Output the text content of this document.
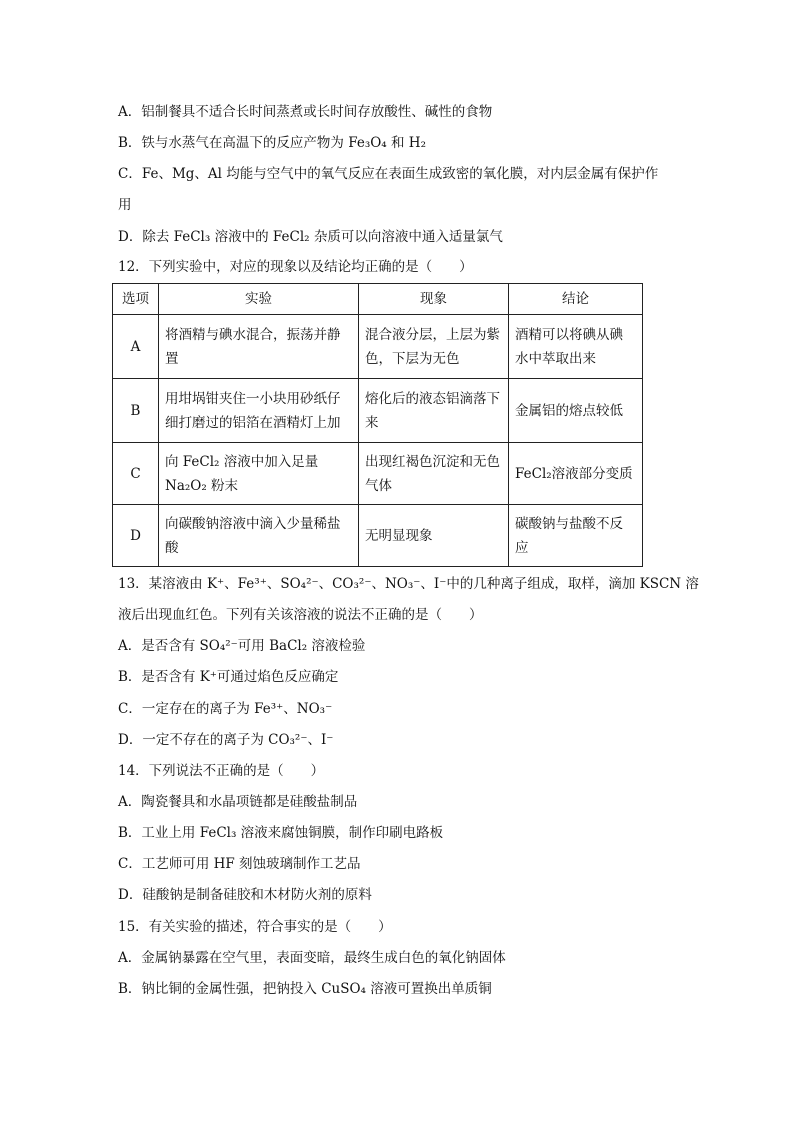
A．铝制餐具不适合长时间蒸煮或长时间存放酸性、碱性的食物
B．铁与水蒸气在高温下的反应产物为 Fe₃O₄ 和 H₂
C．Fe、Mg、Al 均能与空气中的氧气反应在表面生成致密的氧化膜，对内层金属有保护作
用
D．除去 FeCl₃ 溶液中的 FeCl₂ 杂质可以向溶液中通入适量氯气
12．下列实验中，对应的现象以及结论均正确的是（　　）
选项	实验	现象	结论
A	将酒精与碘水混合，振荡并静置	混合液分层，上层为紫色，下层为无色	酒精可以将碘从碘水中萃取出来
B	用坩埚钳夹住一小块用砂纸仔细打磨过的铝箔在酒精灯上加	熔化后的液态铝滴落下来	金属铝的熔点较低
C	向 FeCl₂ 溶液中加入足量 Na₂O₂ 粉末	出现红褐色沉淀和无色气体	FeCl₂溶液部分变质
D	向碳酸钠溶液中滴入少量稀盐酸	无明显现象	碳酸钠与盐酸不反应
13．某溶液由 K⁺、Fe³⁺、SO₄²⁻、CO₃²⁻、NO₃⁻、I⁻中的几种离子组成，取样，滴加 KSCN 溶
液后出现血红色。下列有关该溶液的说法不正确的是（　　）
A．是否含有 SO₄²⁻可用 BaCl₂ 溶液检验
B．是否含有 K⁺可通过焰色反应确定
C．一定存在的离子为 Fe³⁺、NO₃⁻
D．一定不存在的离子为 CO₃²⁻、I⁻
14．下列说法不正确的是（　　）
A．陶瓷餐具和水晶项链都是硅酸盐制品
B．工业上用 FeCl₃ 溶液来腐蚀铜膜，制作印刷电路板
C．工艺师可用 HF 刻蚀玻璃制作工艺品
D．硅酸钠是制备硅胶和木材防火剂的原料
15．有关实验的描述，符合事实的是（　　）
A．金属钠暴露在空气里，表面变暗，最终生成白色的氧化钠固体
B．钠比铜的金属性强，把钠投入 CuSO₄ 溶液可置换出单质铜
